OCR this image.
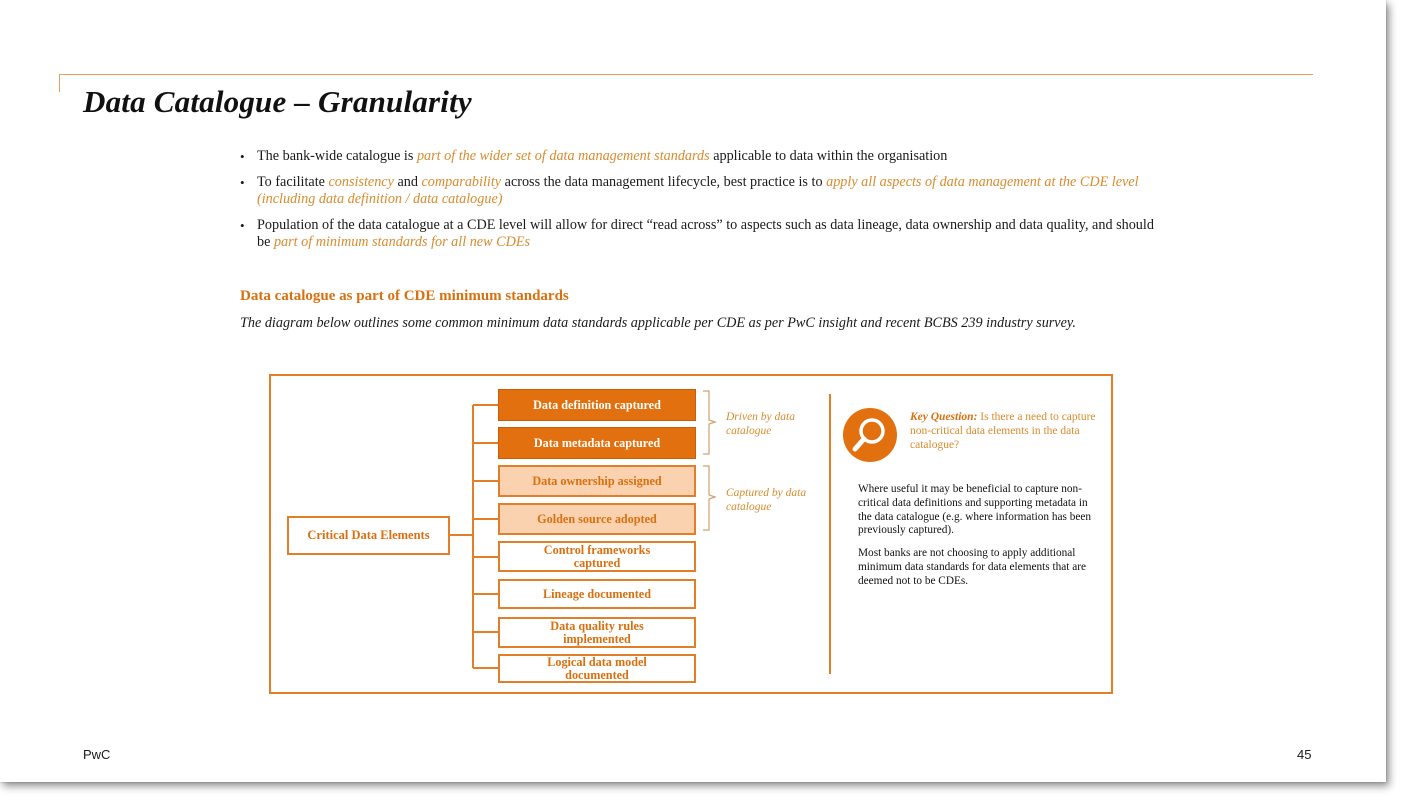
Data Catalogue – Granularity
• The bank-wide catalogue is part of the wider set of data management standards applicable to data within the organisation
• To facilitate consistency and comparability across the data management lifecycle, best practice is to apply all aspects of data management at the CDE level (including data definition / data catalogue)
• Population of the data catalogue at a CDE level will allow for direct “read across” to aspects such as data lineage, data ownership and data quality, and should be part of minimum standards for all new CDEs
Data catalogue as part of CDE minimum standards
The diagram below outlines some common minimum data standards applicable per CDE as per PwC insight and recent BCBS 239 industry survey.
Critical Data Elements
Data definition captured
Data metadata captured
Data ownership assigned
Golden source adopted
Control frameworks captured
Lineage documented
Data quality rules implemented
Logical data model documented
Driven by data catalogue
Captured by data catalogue
Key Question: Is there a need to capture non-critical data elements in the data catalogue?
Where useful it may be beneficial to capture non-critical data definitions and supporting metadata in the data catalogue (e.g. where information has been previously captured).
Most banks are not choosing to apply additional minimum data standards for data elements that are deemed not to be CDEs.
PwC	45
